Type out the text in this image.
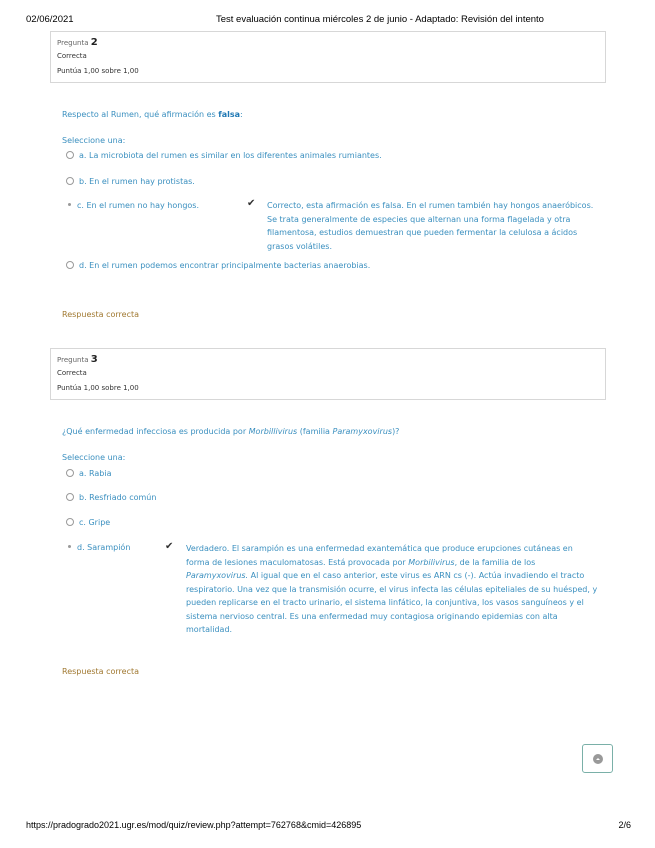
02/06/2021	Test evaluación continua miércoles 2 de junio - Adaptado: Revisión del intento
Pregunta 2
Correcta
Puntúa 1,00 sobre 1,00
Respecto al Rumen, qué afirmación es falsa:
Seleccione una:
a. La microbiota del rumen es similar en los diferentes animales rumiantes.
b. En el rumen hay protistas.
c. En el rumen no hay hongos.	✔ Correcto, esta afirmación es falsa. En el rumen también hay hongos anaeróbicos.
Se trata generalmente de especies que alternan una forma flagelada y otra
filamentosa, estudios demuestran que pueden fermentar la celulosa a ácidos
grasos volátiles.
d. En el rumen podemos encontrar principalmente bacterias anaerobias.
Respuesta correcta
Pregunta 3
Correcta
Puntúa 1,00 sobre 1,00
¿Qué enfermedad infecciosa es producida por Morbillivirus (familia Paramyxovirus)?
Seleccione una:
a. Rabia
b. Resfriado común
c. Gripe
d. Sarampión	✔ Verdadero. El sarampión es una enfermedad exantemática que produce erupciones cutáneas en
forma de lesiones maculomatosas. Está provocada por Morbilivirus, de la familia de los
Paramyxovirus. Al igual que en el caso anterior, este virus es ARN cs (-). Actúa invadiendo el tracto
respiratorio. Una vez que la transmisión ocurre, el virus infecta las células epiteliales de su huésped, y
pueden replicarse en el tracto urinario, el sistema linfático, la conjuntiva, los vasos sanguíneos y el
sistema nervioso central. Es una enfermedad muy contagiosa originando epidemias con alta
mortalidad.
Respuesta correcta
https://pradogrado2021.ugr.es/mod/quiz/review.php?attempt=762768&cmid=426895	2/6
